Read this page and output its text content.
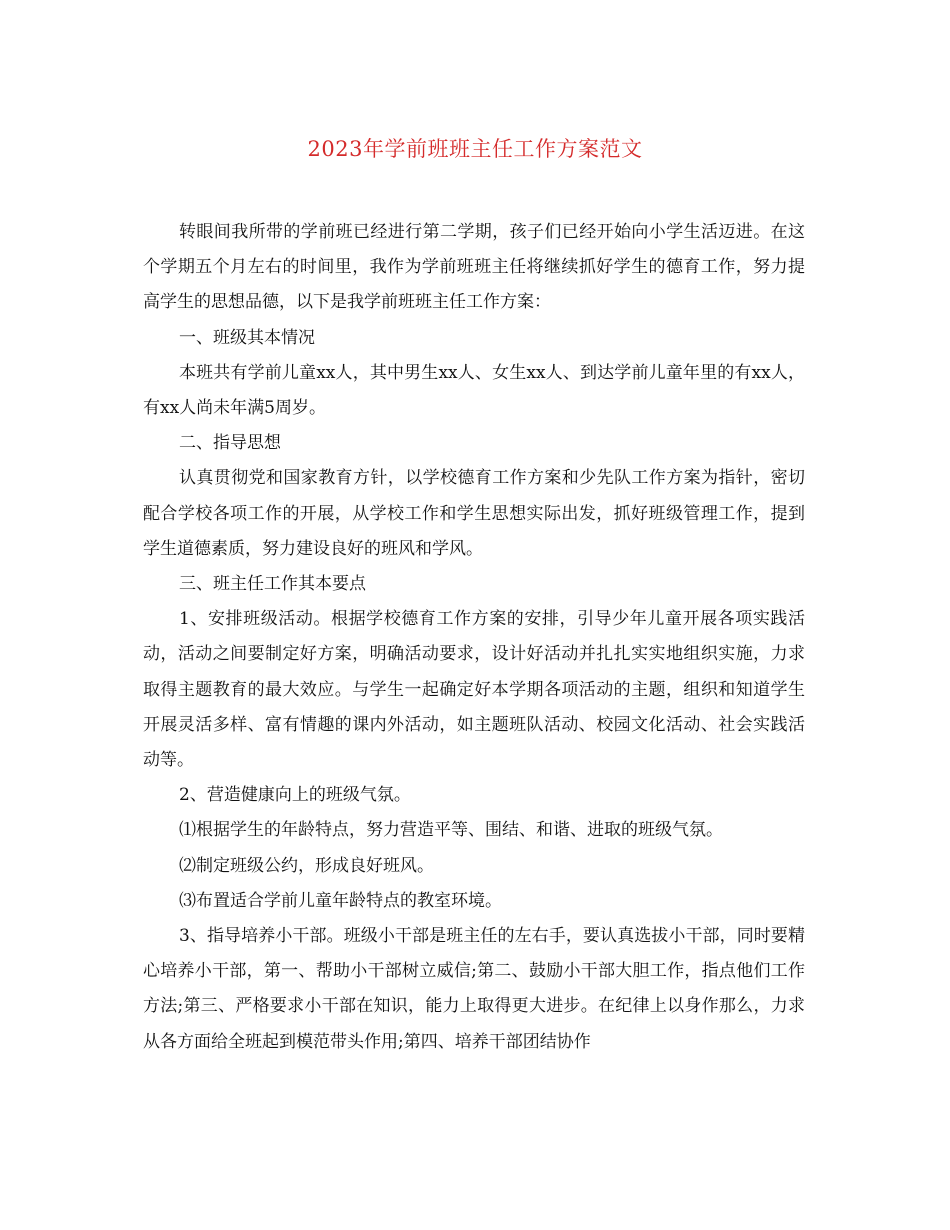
2023年学前班班主任工作方案范文

转眼间我所带的学前班已经进行第二学期，孩子们已经开始向小学生活迈进。在这个学期五个月左右的时间里，我作为学前班班主任将继续抓好学生的德育工作，努力提高学生的思想品德，以下是我学前班班主任工作方案：

一、班级其本情况

本班共有学前儿童xx人，其中男生xx人、女生xx人、到达学前儿童年里的有xx人，有xx人尚未年满5周岁。

二、指导思想

认真贯彻党和国家教育方针，以学校德育工作方案和少先队工作方案为指针，密切配合学校各项工作的开展，从学校工作和学生思想实际出发，抓好班级管理工作，提到学生道德素质，努力建设良好的班风和学风。

三、班主任工作其本要点

1、安排班级活动。根据学校德育工作方案的安排，引导少年儿童开展各项实践活动，活动之间要制定好方案，明确活动要求，设计好活动并扎扎实实地组织实施，力求取得主题教育的最大效应。与学生一起确定好本学期各项活动的主题，组织和知道学生开展灵活多样、富有情趣的课内外活动，如主题班队活动、校园文化活动、社会实践活动等。

2、营造健康向上的班级气氛。

⑴根据学生的年龄特点，努力营造平等、围结、和谐、进取的班级气氛。

⑵制定班级公约，形成良好班风。

⑶布置适合学前儿童年龄特点的教室环境。

3、指导培养小干部。班级小干部是班主任的左右手，要认真选拔小干部，同时要精心培养小干部，第一、帮助小干部树立威信;第二、鼓励小干部大胆工作，指点他们工作方法;第三、严格要求小干部在知识，能力上取得更大进步。在纪律上以身作那么，力求从各方面给全班起到模范带头作用;第四、培养干部团结协作
